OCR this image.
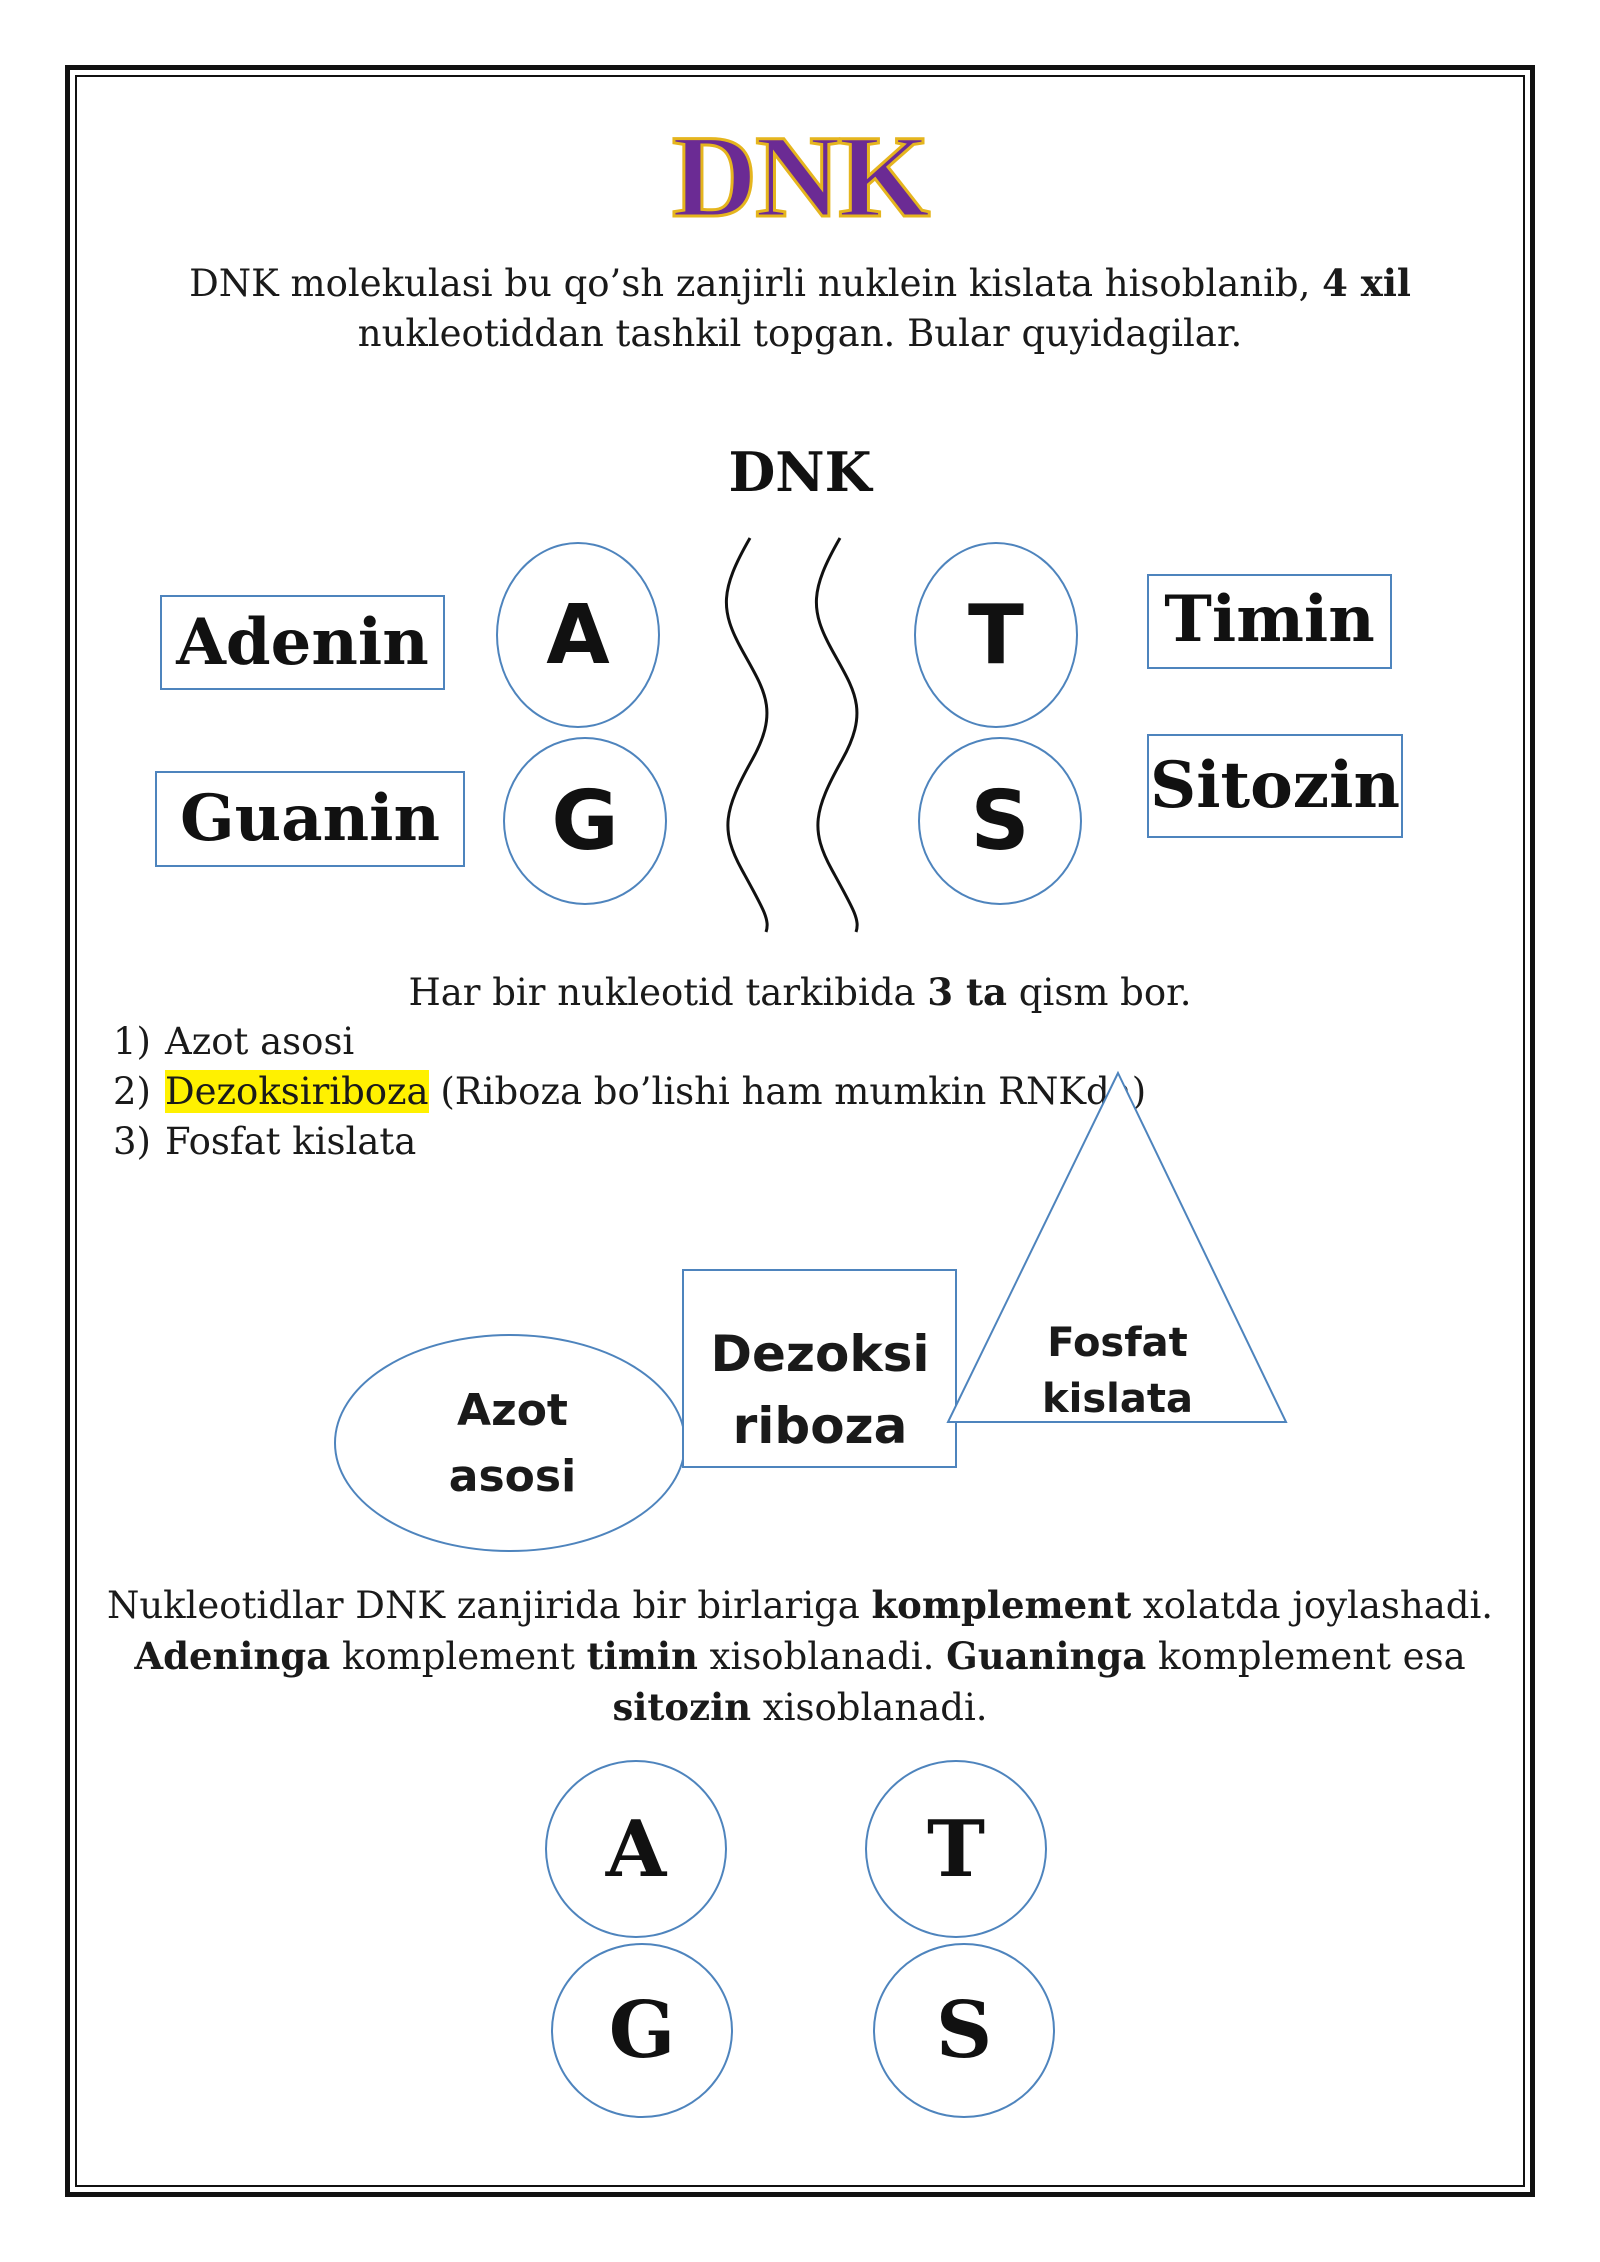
DNK
DNK molekulasi bu qo’sh zanjirli nuklein kislata hisoblanib, 4 xil
nukleotiddan tashkil topgan. Bular quyidagilar.
DNK
Adenin
Guanin
Timin
Sitozin
A
G
T
S
Har bir nukleotid tarkibida 3 ta qism bor.
1) Azot asosi
2) Dezoksiriboza (Riboza bo’lishi ham mumkin RNKda)
3) Fosfat kislata
Azot
asosi
Dezoksi
riboza
Fosfat
kislata
Nukleotidlar DNK zanjirida bir birlariga komplement xolatda joylashadi.
Adeninga komplement timin xisoblanadi. Guaninga komplement esa
sitozin xisoblanadi.
A	T
G	S
